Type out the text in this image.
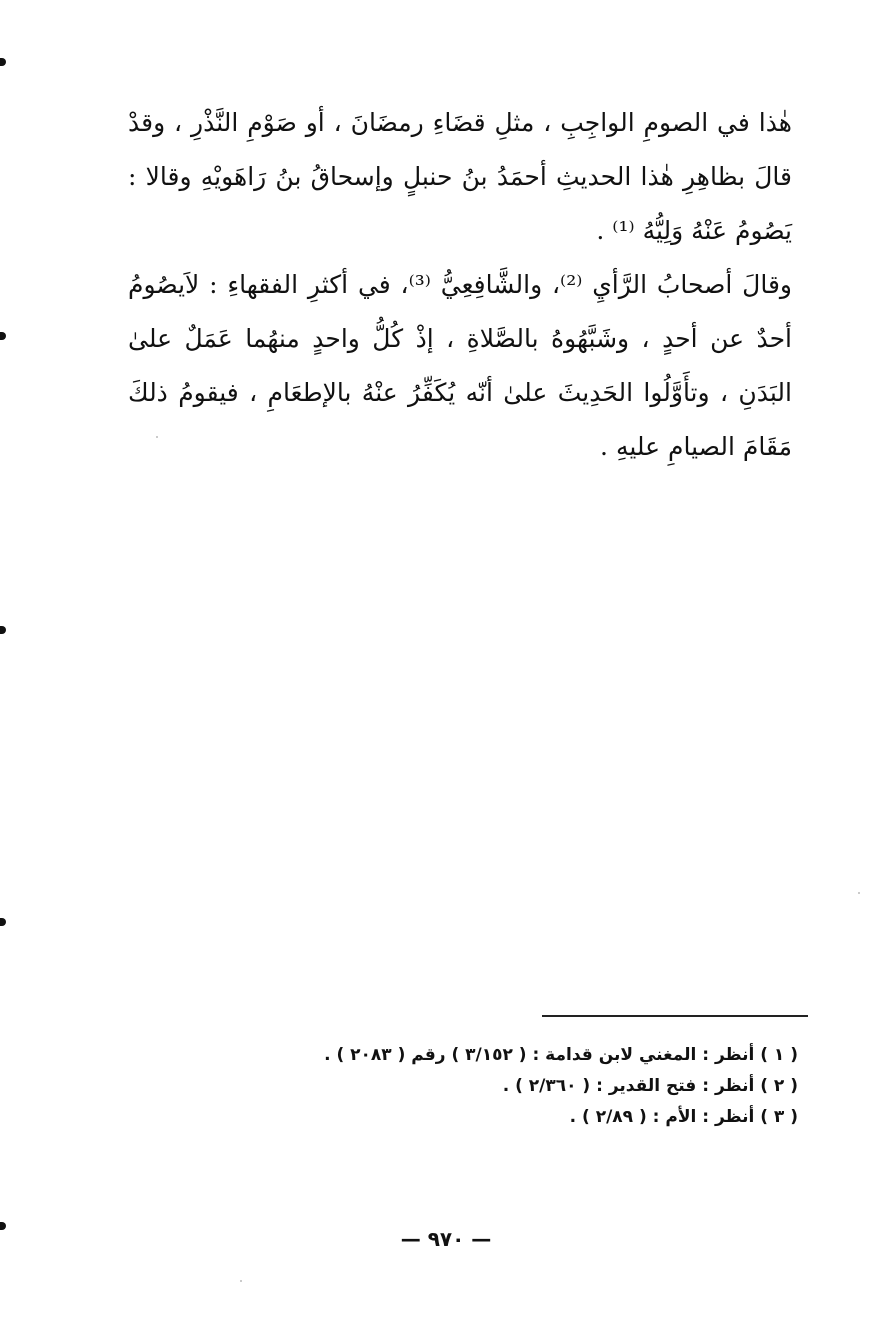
هٰذا في الصومِ الواجِبِ ، مثلِ قضَاءِ رمضَانَ ، أو صَوْمِ النَّذْرِ ، وقدْ قالَ بظاهِرِ هٰذا الحديثِ أحمَدُ بنُ حنبلٍ وإسحاقُ بنُ رَاهَويْهِ وقالا : يَصُومُ عَنْهُ وَلِيُّهُ ⁽¹⁾ .

وقالَ أصحابُ الرَّأيِ ⁽²⁾، والشَّافِعِيُّ ⁽³⁾، في أكثرِ الفقهاءِ : لاَيصُومُ أحدٌ عن أحدٍ ، وشَبَّهُوهُ بالصَّلاةِ ، إذْ كُلُّ واحدٍ منهُما عَمَلٌ علىٰ البَدَنِ ، وتأَوَّلُوا الحَدِيثَ علىٰ أنّه يُكَفِّرُ عنْهُ بالإطعَامِ ، فيقومُ ذلكَ مَقَامَ الصيامِ عليهِ .

( ١ ) أنظر : المغني لابن قدامة : ( ٣/١٥٢ ) رقم ( ٢٠٨٣ ) .
( ٢ ) أنظر : فتح القدير : ( ٢/٣٦٠ ) .
( ٣ ) أنظر : الأم : ( ٢/٨٩ ) .
— ٩٧٠ —
